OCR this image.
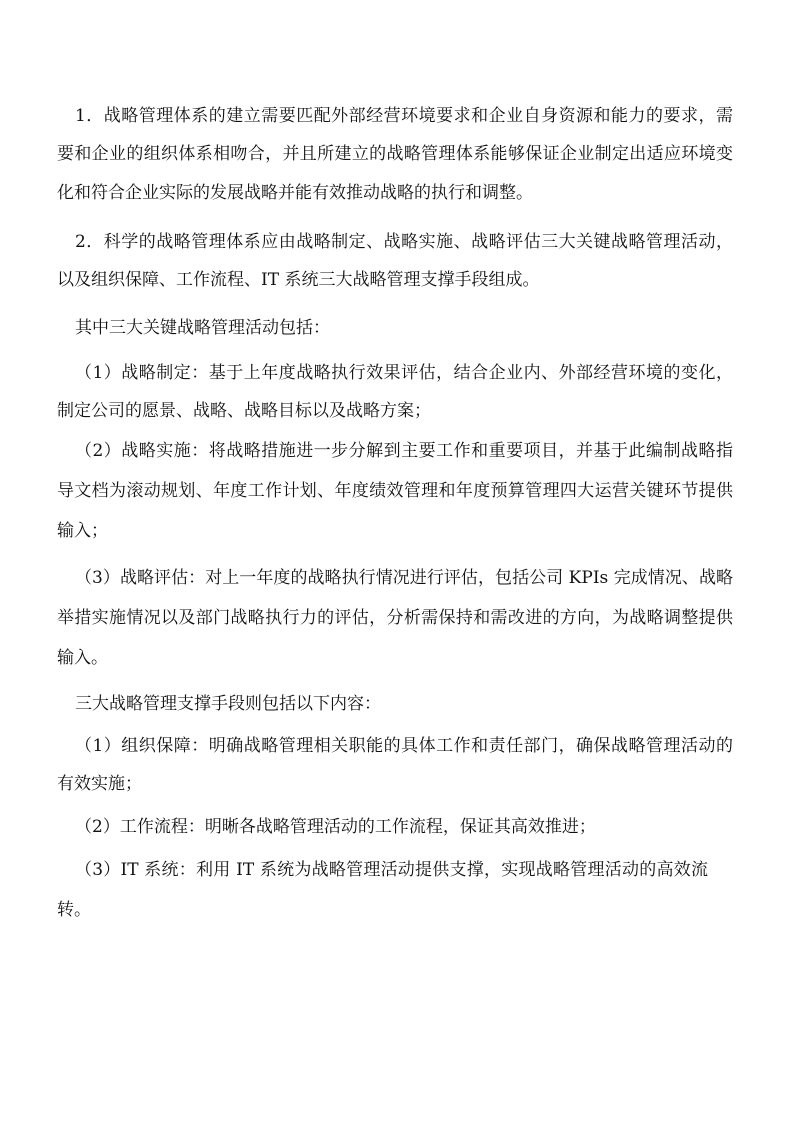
1．战略管理体系的建立需要匹配外部经营环境要求和企业自身资源和能力的要求，需
要和企业的组织体系相吻合，并且所建立的战略管理体系能够保证企业制定出适应环境变
化和符合企业实际的发展战略并能有效推动战略的执行和调整。
2．科学的战略管理体系应由战略制定、战略实施、战略评估三大关键战略管理活动，
以及组织保障、工作流程、IT 系统三大战略管理支撑手段组成。
其中三大关键战略管理活动包括：
（1）战略制定：基于上年度战略执行效果评估，结合企业内、外部经营环境的变化，
制定公司的愿景、战略、战略目标以及战略方案；
（2）战略实施：将战略措施进一步分解到主要工作和重要项目，并基于此编制战略指
导文档为滚动规划、年度工作计划、年度绩效管理和年度预算管理四大运营关键环节提供
输入；
（3）战略评估：对上一年度的战略执行情况进行评估，包括公司 KPIs 完成情况、战略
举措实施情况以及部门战略执行力的评估，分析需保持和需改进的方向，为战略调整提供
输入。
三大战略管理支撑手段则包括以下内容：
（1）组织保障：明确战略管理相关职能的具体工作和责任部门，确保战略管理活动的
有效实施；
（2）工作流程：明晰各战略管理活动的工作流程，保证其高效推进；
（3）IT 系统：利用 IT 系统为战略管理活动提供支撑，实现战略管理活动的高效流
转。
